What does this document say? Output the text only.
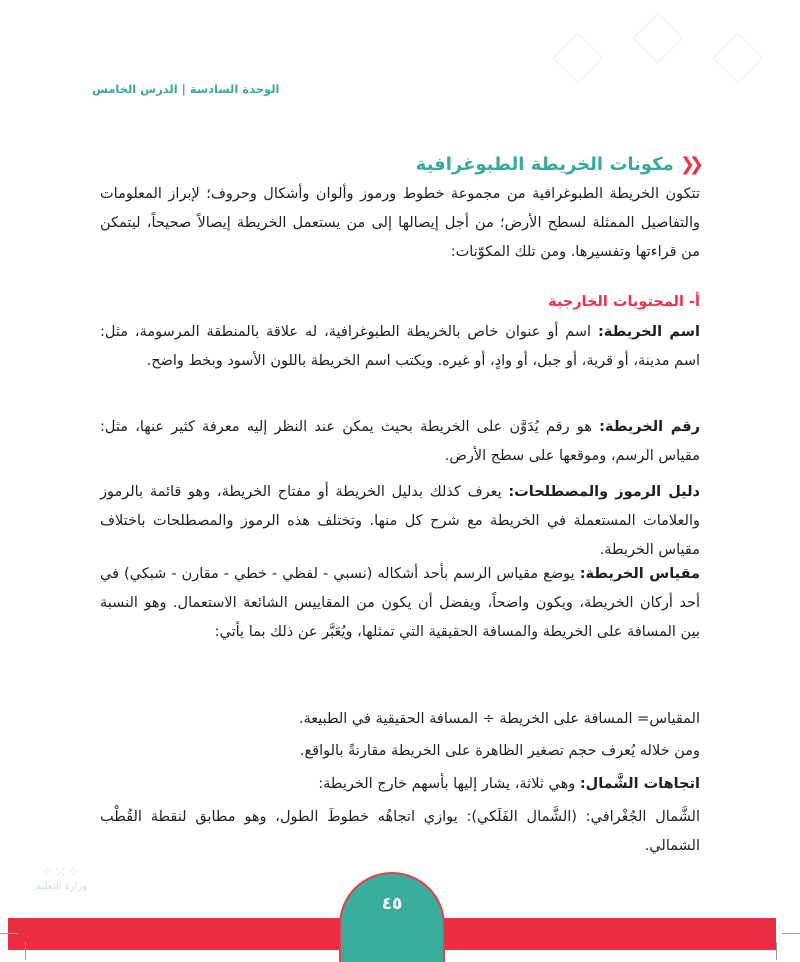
الوحدة السادسة|الدرس الخامس
❮❮
مكونات الخريطة الطبوغرافية
تتكون الخريطة الطبوغرافية من مجموعة خطوط ورموز وألوان وأشكال وحروف؛ لإبراز المعلومات والتفاصيل الممثلة لسطح الأرض؛ من أجل إيصالها إلى من يستعمل الخريطة إيصالاً صحيحاً، ليتمكن من قراءتها وتفسيرها. ومن تلك المكوّنات:
أ- المحتويات الخارجية
اسم الخريطة: اسم أو عنوان خاص بالخريطة الطبوغرافية، له علاقة بالمنطقة المرسومة، مثل: اسم مدينة، أو قرية، أو جبل، أو وادٍ، أو غيره. ويكتب اسم الخريطة باللون الأسود وبخط واضح.
رقم الخريطة: هو رقم يُدَوَّن على الخريطة بحيث يمكن عند النظر إليه معرفة كثير عنها، مثل: مقياس الرسم، وموقعها على سطح الأرض.
دليل الرموز والمصطلحات: يعرف كذلك بدليل الخريطة أو مفتاح الخريطة، وهو قائمة بالرموز والعلامات المستعملة في الخريطة مع شرح كل منها. وتختلف هذه الرموز والمصطلحات باختلاف مقياس الخريطة.
مقياس الخريطة: يوضع مقياس الرسم بأحد أشكاله (نسبي - لفظي - خطي - مقارن - شبكي) في أحد أركان الخريطة، ويكون واضحاً، ويفضل أن يكون من المقاييس الشائعة الاستعمال. وهو النسبة بين المسافة على الخريطة والمسافة الحقيقية التي تمثلها، ويُعَبَّر عن ذلك بما يأتي:
المقياس= المسافة على الخريطة ÷ المسافة الحقيقية في الطبيعة.
ومن خلاله يُعرف حجم تصغير الظاهرة على الخريطة مقارنةً بالواقع.
اتجاهات الشَّمال: وهي ثلاثة، يشار إليها بأسهم خارج الخريطة:
الشَّمال الجُغْرافي: (الشَّمال الفَلَكي): يوازي اتجاهُه خطوطَ الطول، وهو مطابق لنقطة القُطْب الشمالي.
⁘⁙⁘
وزارة التعليم
٤٥
